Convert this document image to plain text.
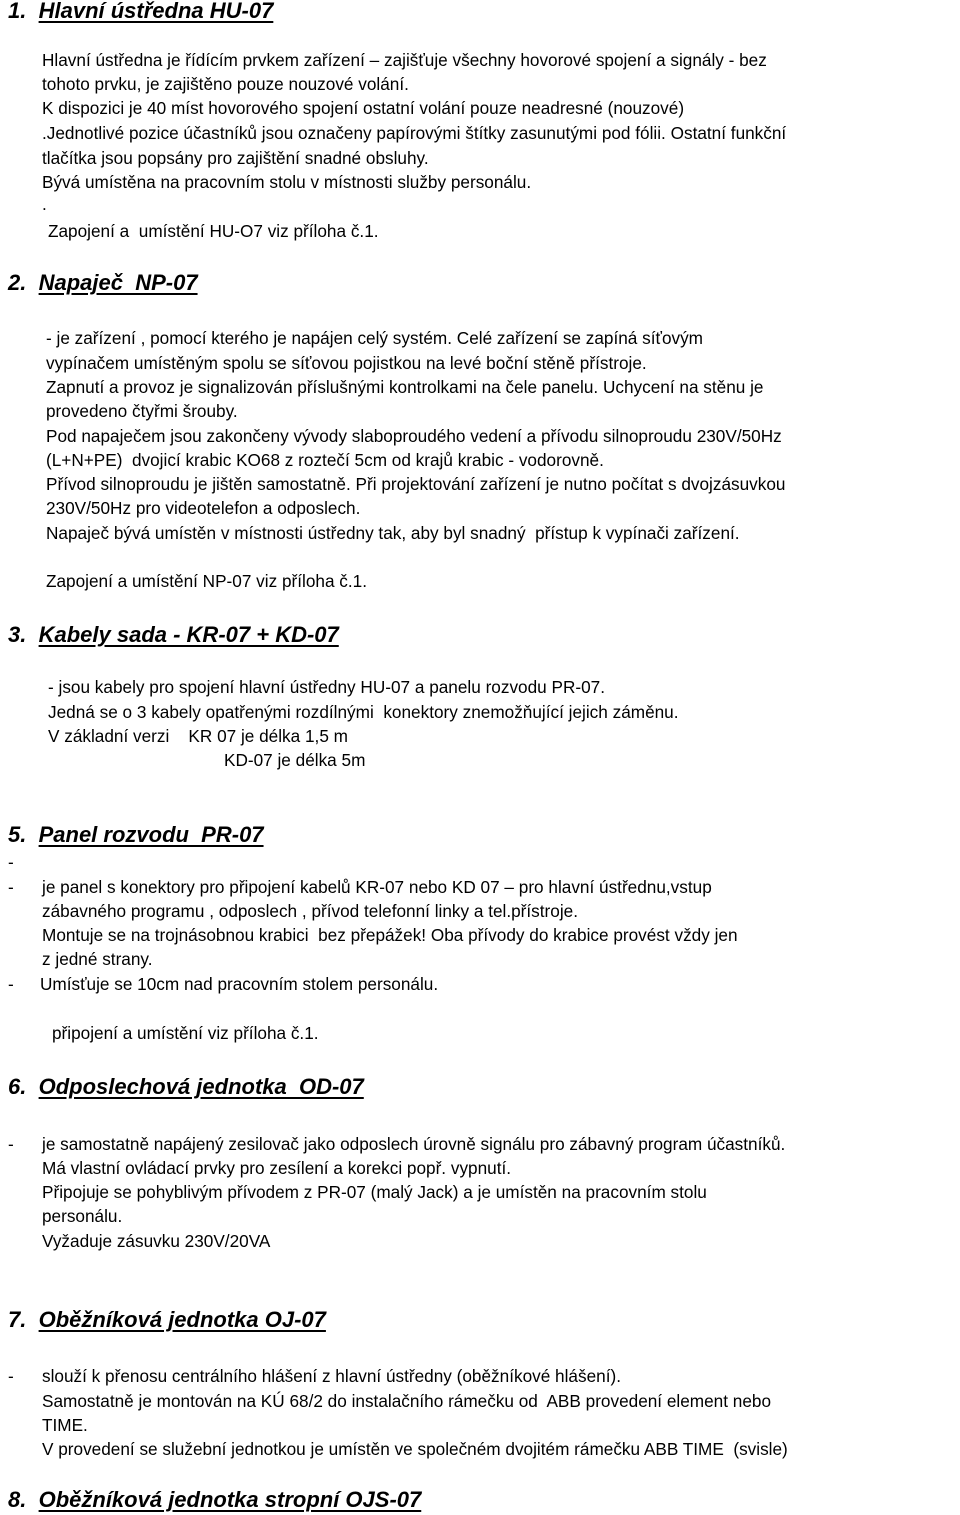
1. Hlavní ústředna HU-07
Hlavní ústředna je řídícím prvkem zařízení – zajišťuje všechny hovorové spojení a signály - bez
tohoto prvku, je zajištěno pouze nouzové volání.
K dispozici je 40 míst hovorového spojení ostatní volání pouze neadresné (nouzové)
.Jednotlivé pozice účastníků jsou označeny papírovými štítky zasunutými pod fólii. Ostatní funkční
tlačítka jsou popsány pro zajištění snadné obsluhy.
Bývá umístěna na pracovním stolu v místnosti služby personálu.
.
Zapojení a  umístění HU-O7 viz příloha č.1.
2. Napaječ  NP-07
- je zařízení , pomocí kterého je napájen celý systém. Celé zařízení se zapíná síťovým
vypínačem umístěným spolu se síťovou pojistkou na levé boční stěně přístroje.
Zapnutí a provoz je signalizován příslušnými kontrolkami na čele panelu. Uchycení na stěnu je
provedeno čtyřmi šrouby.
Pod napaječem jsou zakončeny vývody slaboproudého vedení a přívodu silnoproudu 230V/50Hz
(L+N+PE)  dvojicí krabic KO68 z roztečí 5cm od krajů krabic - vodorovně.
Přívod silnoproudu je jištěn samostatně. Při projektování zařízení je nutno počítat s dvojzásuvkou
230V/50Hz pro videotelefon a odposlech.
Napaječ bývá umístěn v místnosti ústředny tak, aby byl snadný  přístup k vypínači zařízení.
Zapojení a umístění NP-07 viz příloha č.1.
3. Kabely sada - KR-07 + KD-07
- jsou kabely pro spojení hlavní ústředny HU-07 a panelu rozvodu PR-07.
Jedná se o 3 kabely opatřenými rozdílnými  konektory znemožňující jejich záměnu.
V základní verzi    KR 07 je délka 1,5 m
KD-07 je délka 5m
5. Panel rozvodu  PR-07
-
- je panel s konektory pro připojení kabelů KR-07 nebo KD 07 – pro hlavní ústřednu,vstup
zábavného programu , odposlech , přívod telefonní linky a tel.přístroje.
Montuje se na trojnásobnou krabici  bez přepážek! Oba přívody do krabice provést vždy jen
z jedné strany.
- Umísťuje se 10cm nad pracovním stolem personálu.
připojení a umístění viz příloha č.1.
6. Odposlechová jednotka  OD-07
- je samostatně napájený zesilovač jako odposlech úrovně signálu pro zábavný program účastníků.
Má vlastní ovládací prvky pro zesílení a korekci popř. vypnutí.
Připojuje se pohyblivým přívodem z PR-07 (malý Jack) a je umístěn na pracovním stolu
personálu.
Vyžaduje zásuvku 230V/20VA
7. Oběžníková jednotka OJ-07
- slouží k přenosu centrálního hlášení z hlavní ústředny (oběžníkové hlášení).
Samostatně je montován na KÚ 68/2 do instalačního rámečku od  ABB provedení element nebo
TIME.
V provedení se služební jednotkou je umístěn ve společném dvojitém rámečku ABB TIME  (svisle)
8. Oběžníková jednotka stropní OJS-07
